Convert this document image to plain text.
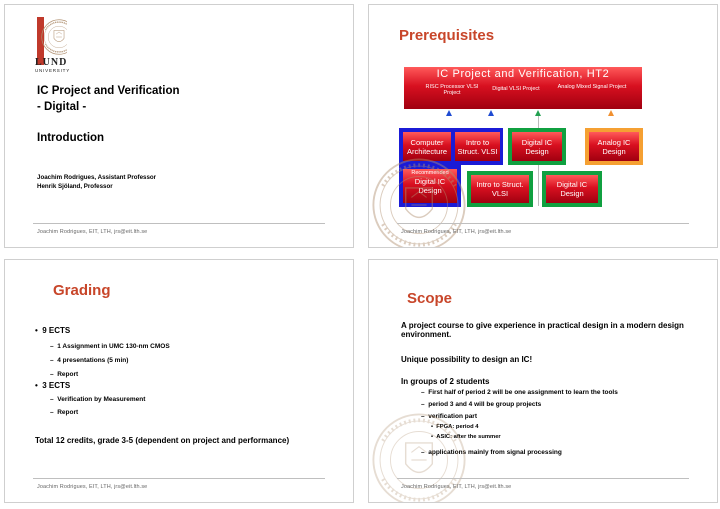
LUND
UNIVERSITY
IC Project and Verification
- Digital -
Introduction
Joachim Rodrigues, Assistant Professor
Henrik Sjöland, Professor
Joachim Rodrigues, EIT, LTH, jrs@eit.lth.se
Prerequisites
IC Project and Verification, HT2
RISC Processor VLSI Project
Digital VLSI Project	Analog Mixed Signal Project
Computer Architecture
Intro to Struct. VLSI
Digital IC Design
Analog IC Design
Recommended
Digital IC Design
Intro to Struct. VLSI
Digital IC Design
Joachim Rodrigues, EIT, LTH, jrs@eit.lth.se
Grading
•  9 ECTS
–  1 Assignment in UMC 130-nm CMOS
–  4 presentations (5 min)
–  Report
•  3 ECTS
–  Verification by Measurement
–  Report
Total 12 credits, grade 3-5 (dependent on project and performance)
Joachim Rodrigues, EIT, LTH, jrs@eit.lth.se
Scope
A project course to give experience in practical design in a modern design environment.
Unique possibility to design an IC!
In groups of 2 students
–  First half of period 2 will be one assignment to learn the tools
–  period 3 and 4 will be group projects
–  verification part
•  FPGA: period 4
•  ASIC: after the summer
–  applications mainly from signal processing
Joachim Rodrigues, EIT, LTH, jrs@eit.lth.se
